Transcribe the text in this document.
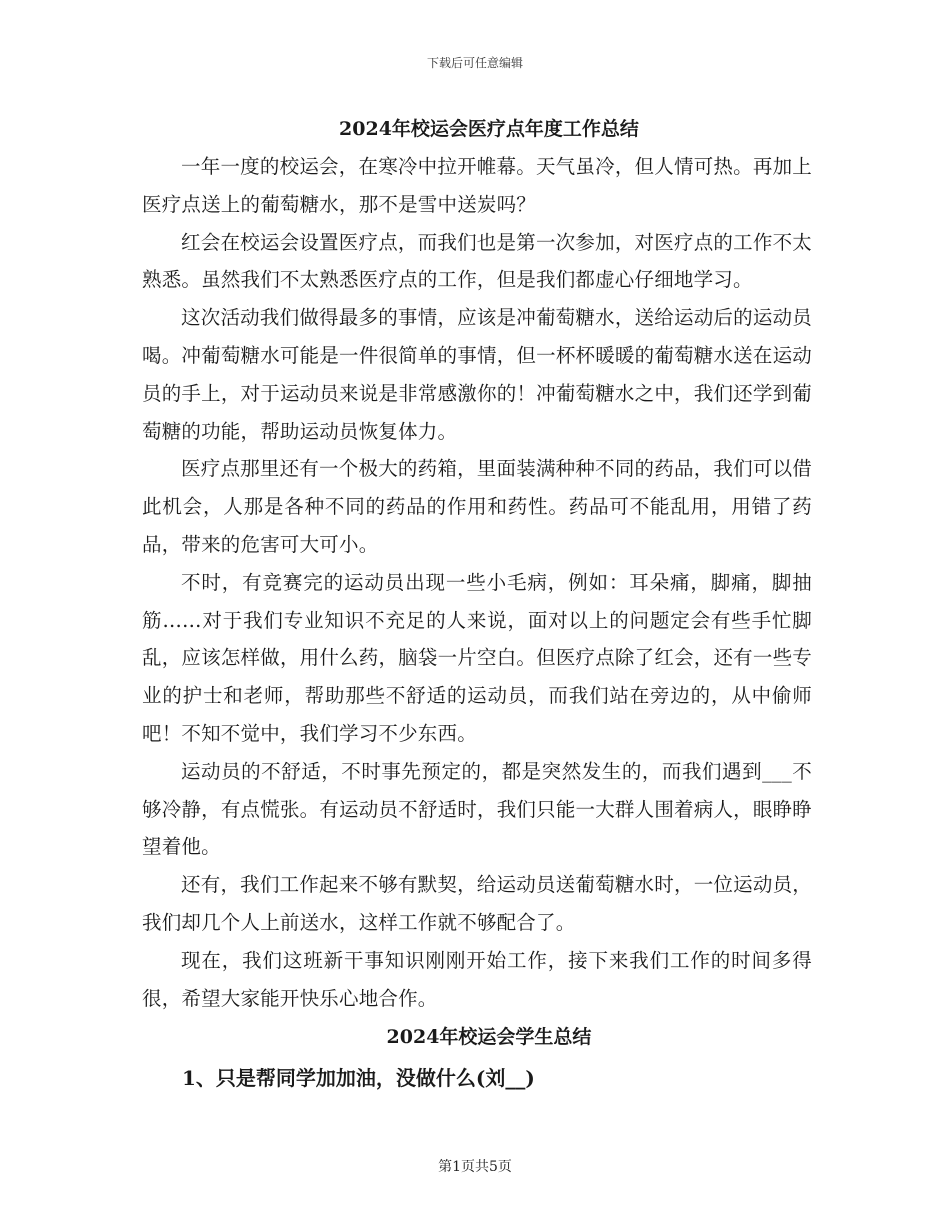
下载后可任意编辑
2024年校运会医疗点年度工作总结

一年一度的校运会，在寒冷中拉开帷幕。天气虽冷，但人情可热。再加上医疗点送上的葡萄糖水，那不是雪中送炭吗？

红会在校运会设置医疗点，而我们也是第一次参加，对医疗点的工作不太熟悉。虽然我们不太熟悉医疗点的工作，但是我们都虚心仔细地学习。

这次活动我们做得最多的事情，应该是冲葡萄糖水，送给运动后的运动员喝。冲葡萄糖水可能是一件很简单的事情，但一杯杯暖暖的葡萄糖水送在运动员的手上，对于运动员来说是非常感激你的！冲葡萄糖水之中，我们还学到葡萄糖的功能，帮助运动员恢复体力。

医疗点那里还有一个极大的药箱，里面装满种种不同的药品，我们可以借此机会，人那是各种不同的药品的作用和药性。药品可不能乱用，用错了药品，带来的危害可大可小。

不时，有竞赛完的运动员出现一些小毛病，例如：耳朵痛，脚痛，脚抽筋……对于我们专业知识不充足的人来说，面对以上的问题定会有些手忙脚乱，应该怎样做，用什么药，脑袋一片空白。但医疗点除了红会，还有一些专业的护士和老师，帮助那些不舒适的运动员，而我们站在旁边的，从中偷师吧！不知不觉中，我们学习不少东西。

运动员的不舒适，不时事先预定的，都是突然发生的，而我们遇到___不够冷静，有点慌张。有运动员不舒适时，我们只能一大群人围着病人，眼睁睁望着他。

还有，我们工作起来不够有默契，给运动员送葡萄糖水时，一位运动员，我们却几个人上前送水，这样工作就不够配合了。

现在，我们这班新干事知识刚刚开始工作，接下来我们工作的时间多得很，希望大家能开快乐心地合作。

2024年校运会学生总结

1、只是帮同学加加油，没做什么(刘__)

第1页共5页
